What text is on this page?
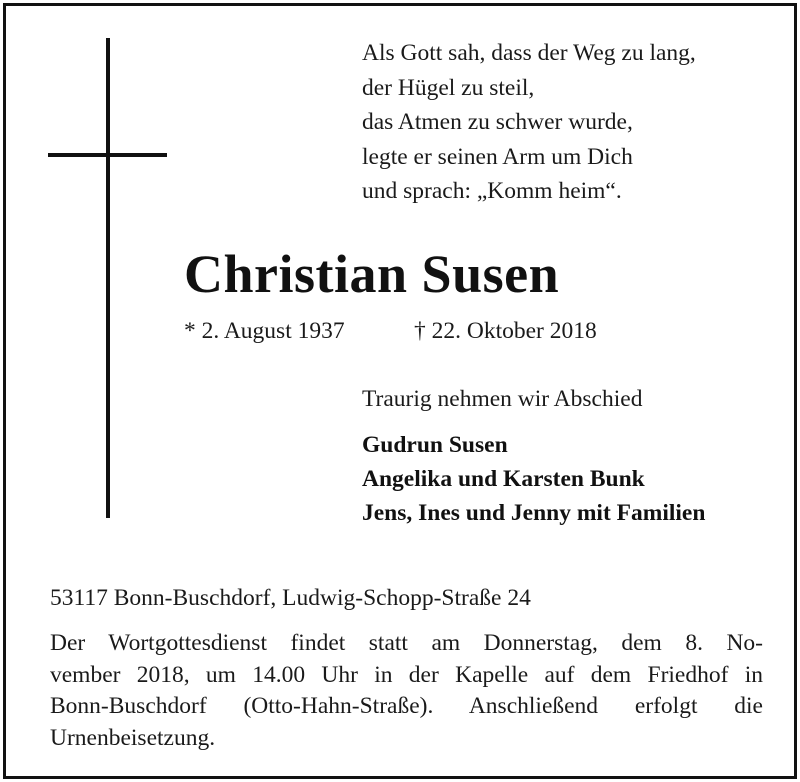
Als Gott sah, dass der Weg zu lang,
der Hügel zu steil,
das Atmen zu schwer wurde,
legte er seinen Arm um Dich
und sprach: „Komm heim“.
Christian Susen
* 2. August 1937	† 22. Oktober 2018
Traurig nehmen wir Abschied
Gudrun Susen
Angelika und Karsten Bunk
Jens, Ines und Jenny mit Familien
53117 Bonn-Buschdorf, Ludwig-Schopp-Straße 24
Der Wortgottesdienst findet statt am Donnerstag, dem 8. No-
vember 2018, um 14.00 Uhr in der Kapelle auf dem Friedhof in
Bonn-Buschdorf (Otto-Hahn-Straße). Anschließend erfolgt die
Urnenbeisetzung.
